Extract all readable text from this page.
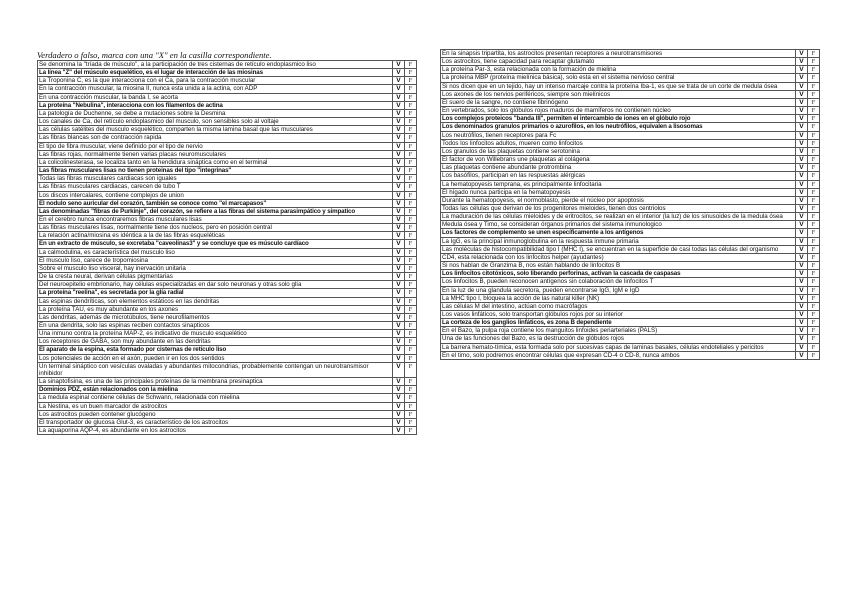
Verdadero o falso, marca con una "X" en la casilla correspondiente.
Se denomina la "tríada de músculo", a la participación de tres cisternas de retículo endoplasmico liso	V	F
La línea "Z" del músculo esquelético, es el lugar de interacción de las miosinas	V	F
La Troponina C, es la que interacciona con el Ca, para la contracción muscular	V	F
En la contracción muscular, la miosina II, nunca esta unida a la actina, con ADP	V	F
En una contracción muscular, la banda I, se acorta	V	F
La proteína "Nebulina", interacciona con los filamentos de actina	V	F
La patología de Duchenne, se debe a mutaciones sobre la Desmina	V	F
Los canales de Ca, del retículo endoplasmico del musculo, son sensibles solo al voltaje	V	F
Las células satélites del musculo esquelético, comparten la misma lamina basal que las musculares	V	F
Las fibras blancas son de contracción rapida	V	F
El tipo de fibra muscular, viene definido por el tipo de nervio	V	F
Las fibras rojas, normalmente tienen varias placas neuromusculares	V	F
La colicolinesterasa, se localiza tanto en la hendidura sináptica como en el terminal	V	F
Las fibras musculares lisas no tienen proteinas del tipo "integrinas"	V	F
Todas las fibras musculares cardiacas son iguales	V	F
Las fibras musculares cardiacas, carecen de tubo T	V	F
Los discos intercalares, contiene complejos de union	V	F
El nodulo seno auricular del corazón, también se conoce como "el marcapasos"	V	F
Las denominadas "fibras de Purkinje", del corazón, se refiere a las fibras del sistema parasimpático y simpatico	V	F
En el cerebro nunca encontraremos fibras musculares lisas	V	F
Las fibras musculares lisas, normalmente tiene dos nucleos, pero en posición central	V	F
La relación actina/miosina es idéntica a la de las fibras esqueléticas	V	F
En un extracto de músculo, se excretaba "caveolinas3" y se concluye que es músculo cardíaco	V	F
La calmodulina, es característica del musculo liso	V	F
El musculo liso, carece de tropomiosina	V	F
Sobre el musculo liso visceral, hay inervación unitaria	V	F
De la cresta neural, derivan células pigmentarias	V	F
Del neuroepitelio embrionario, hay células especializadas en dar solo neuronas y otras solo glía	V	F
La proteína "reelina", es secretada por la glía radial	V	F
Las espinas dendríticas, son elementos estáticos en las dendritas	V	F
La proteína TAU, es muy abundante en los axones	V	F
Las dendritas, además de microtúbulos, tiene neurofilamentos	V	F
En una dendrita, solo las espinas reciben contactos sinapticos	V	F
Una inmuno contra la proteína MAP-2, es indicativo de musculo esquelético	V	F
Los receptores de GABA, son muy abundante en las dendritas	V	F
El aparato de la espina, esta formado por cisternas de retículo liso	V	F
Los potenciales de acción en el axón, pueden ir en los dos sentidos	V	F
Un terminal sináptico con vesículas ovaladas y abundantes mitocondrias, probablemente contengan un neurotransmisor inhibidor	V	F
La sinaptofisina, es una de las principales proteínas de la membrana presinaptica	V	F
Dominios PDZ, están relacionados con la mielina	V	F
La medula espinal contiene células de Schwann, relacionada con mielina	V	F
La Nestina, es un buen marcador de astrocitos	V	F
Los astrocitos pueden contener glucógeno	V	F
El transportador de glucosa Glut-3, es característico de los astrocitos	V	F
La aquaporina AQP-4, es abundante en los astrocitos	V	F
En la sinapsis tripartita, los astrocitos presentan receptores a neurotransmisores	V	F
Los astrocitos, tiene capacidad para recaptar glutamato	V	F
La proteína Par-3, esta relacionada con la formación de mielina	V	F
La proteína MBP (proteína mielínica básica), solo esta en el sistema nervioso central	V	F
Si nos dicen que en un tejido, hay un intenso marcaje contra la proteína Iba-1, es que se trata de un corte de medula ósea	V	F
Los axones de los nervios periféricos, siempre son mielínicos	V	F
El suero de la sangre, no contiene fibrinógeno	V	F
En vertebrados, solo los glóbulos rojos maduros de mamíferos no contienen núcleo	V	F
Los complejos proteicos "banda III", permiten el intercambio de iones en el glóbulo rojo	V	F
Los denominados granulos primarios o azurofilos, en los neutrófilos, equivalen a lisosomas	V	F
Los neutrófilos, tienen receptores para Fc	V	F
Todos los linfocitos adultos, mueren como linfocitos	V	F
Los granulos de las plaquetas contiene serotonina	V	F
El factor de von Willebrans une plaquetas al colágena	V	F
Las plaquetas contiene abundante protrombina	V	F
Los basófilos, participan en las respuestas alérgicas	V	F
La hematopoyesis temprana, es principalmente linfocitaria	V	F
El hígado nunca participa en la hematopoyesis	V	F
Durante la hematopoyesis, el normoblasto, pierde el núcleo por apoptosis	V	F
Todas las células que derivan de los progenitores mieloides, tienen dos centriolos	V	F
La maduración de las células mieloides y de eritrocitos, se realizan en el interior (la luz) de los sinusoides de la medula ósea	V	F
Medula ósea y Timo, se consideran órganos primarios del sistema inmunologico	V	F
Los factores de complemento se unen específicamente a los antígenos	V	F
La IgG, es la principal inmunoglobulina en la respuesta inmune primaria	V	F
Las moléculas de histocompatibilidad tipo I (MHC I), se encuentran en la superficie de casi todas las células del organismo	V	F
CD4, esta relacionada con los linfocitos helper (ayudantes)	V	F
Si nos hablan de Granzima B, nos están hablando de linfocitos B	V	F
Los linfocitos citotóxicos, solo liberando perforinas, activan la cascada de caspasas	V	F
Los linfocitos B, pueden reconocen antígenos sin colaboración de linfocitos T	V	F
En la luz de una glandula secretora, pueden encontrarse IgG, IgM e IgD	V	F
La MHC tipo I, bloquea la acción de las natural killer (NK)	V	F
Las células M del intestino, actúan como macrófagos	V	F
Los vasos linfáticos, solo transportan glóbulos rojos por su interior	V	F
La corteza de los ganglios linfáticos, es zona B dependiente	V	F
En el Bazo, la pulpa roja contiene los manguitos linfoides periarteriales (PALS)	V	F
Una de las funciones del Bazo, es la destrucción de glóbulos rojos	V	F
La barrera hemato-tímica, esta formada solo por sucesivas capas de laminas basales, células endoteliales y pericitos	V	F
En el timo, solo podremos encontrar células que expresan CD-4 o CD-8, nunca ambos	V	F
